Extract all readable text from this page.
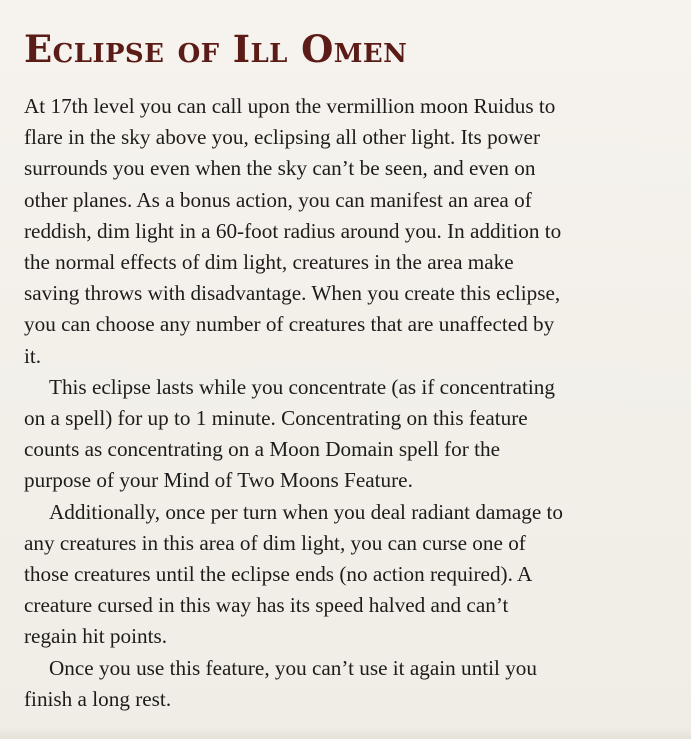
Eclipse of Ill Omen

At 17th level you can call upon the vermillion moon Ruidus to
flare in the sky above you, eclipsing all other light. Its power
surrounds you even when the sky can’t be seen, and even on
other planes. As a bonus action, you can manifest an area of
reddish, dim light in a 60-foot radius around you. In addition to
the normal effects of dim light, creatures in the area make
saving throws with disadvantage. When you create this eclipse,
you can choose any number of creatures that are unaffected by
it.

This eclipse lasts while you concentrate (as if concentrating
on a spell) for up to 1 minute. Concentrating on this feature
counts as concentrating on a Moon Domain spell for the
purpose of your Mind of Two Moons Feature.

Additionally, once per turn when you deal radiant damage to
any creatures in this area of dim light, you can curse one of
those creatures until the eclipse ends (no action required). A
creature cursed in this way has its speed halved and can’t
regain hit points.

Once you use this feature, you can’t use it again until you
finish a long rest.
